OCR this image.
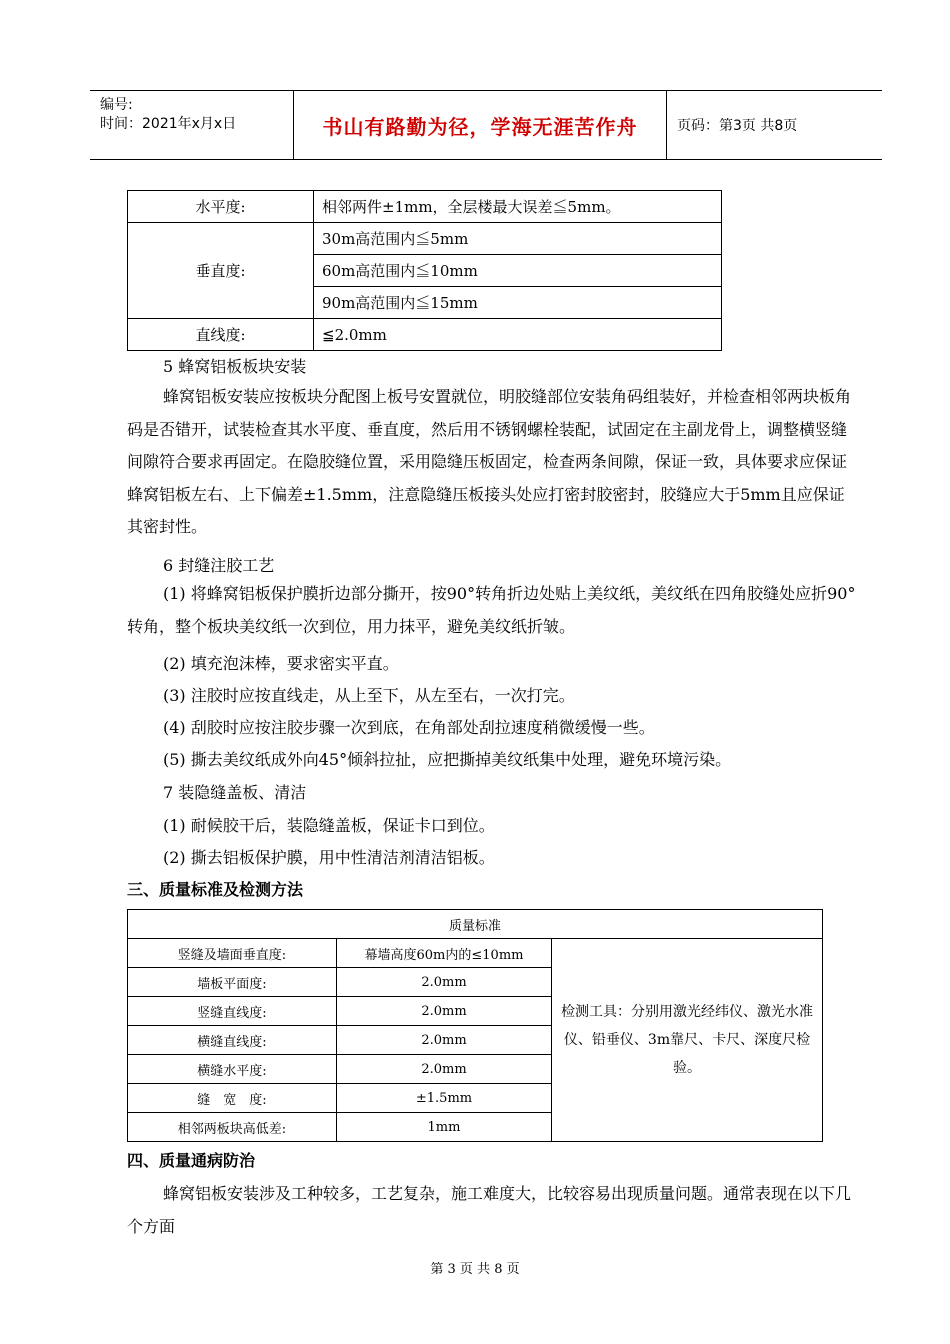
编号:
时间：2021年x月x日	书山有路勤为径，学海无涯苦作舟	页码：第3页 共8页
水平度:	相邻两件±1mm，全层楼最大误差≦5mm。
垂直度:	30m高范围内≦5mm
	60m高范围内≦10mm
	90m高范围内≦15mm
直线度:	≦2.0mm
5 蜂窝铝板板块安装
蜂窝铝板安装应按板块分配图上板号安置就位，明胶缝部位安装角码组装好，并检查相邻两块板角码是否错开，试装检查其水平度、垂直度，然后用不锈钢螺栓装配，试固定在主副龙骨上，调整横竖缝间隙符合要求再固定。在隐胶缝位置，采用隐缝压板固定，检查两条间隙，保证一致，具体要求应保证蜂窝铝板左右、上下偏差±1.5mm，注意隐缝压板接头处应打密封胶密封，胶缝应大于5mm且应保证其密封性。
6 封缝注胶工艺
(1) 将蜂窝铝板保护膜折边部分撕开，按90°转角折边处贴上美纹纸，美纹纸在四角胶缝处应折90°转角，整个板块美纹纸一次到位，用力抹平，避免美纹纸折皱。
(2) 填充泡沫棒，要求密实平直。
(3) 注胶时应按直线走，从上至下，从左至右，一次打完。
(4) 刮胶时应按注胶步骤一次到底，在角部处刮拉速度稍微缓慢一些。
(5) 撕去美纹纸成外向45°倾斜拉扯，应把撕掉美纹纸集中处理，避免环境污染。
7 装隐缝盖板、清洁
(1) 耐候胶干后，装隐缝盖板，保证卡口到位。
(2) 撕去铝板保护膜，用中性清洁剂清洁铝板。
三、质量标准及检测方法
质量标准		
竖缝及墙面垂直度:	幕墙高度60m内的≤10mm	检测工具：分别用激光经纬仪、激光水准仪、铅垂仪、3m靠尺、卡尺、深度尺检验。
墙板平面度:	2.0mm	
竖缝直线度:	2.0mm	
横缝直线度:	2.0mm	
横缝水平度:	2.0mm	
缝　宽　度:	±1.5mm	
相邻两板块高低差:	1mm	
四、质量通病防治
蜂窝铝板安装涉及工种较多，工艺复杂，施工难度大，比较容易出现质量问题。通常表现在以下几个方面
第 3 页 共 8 页
